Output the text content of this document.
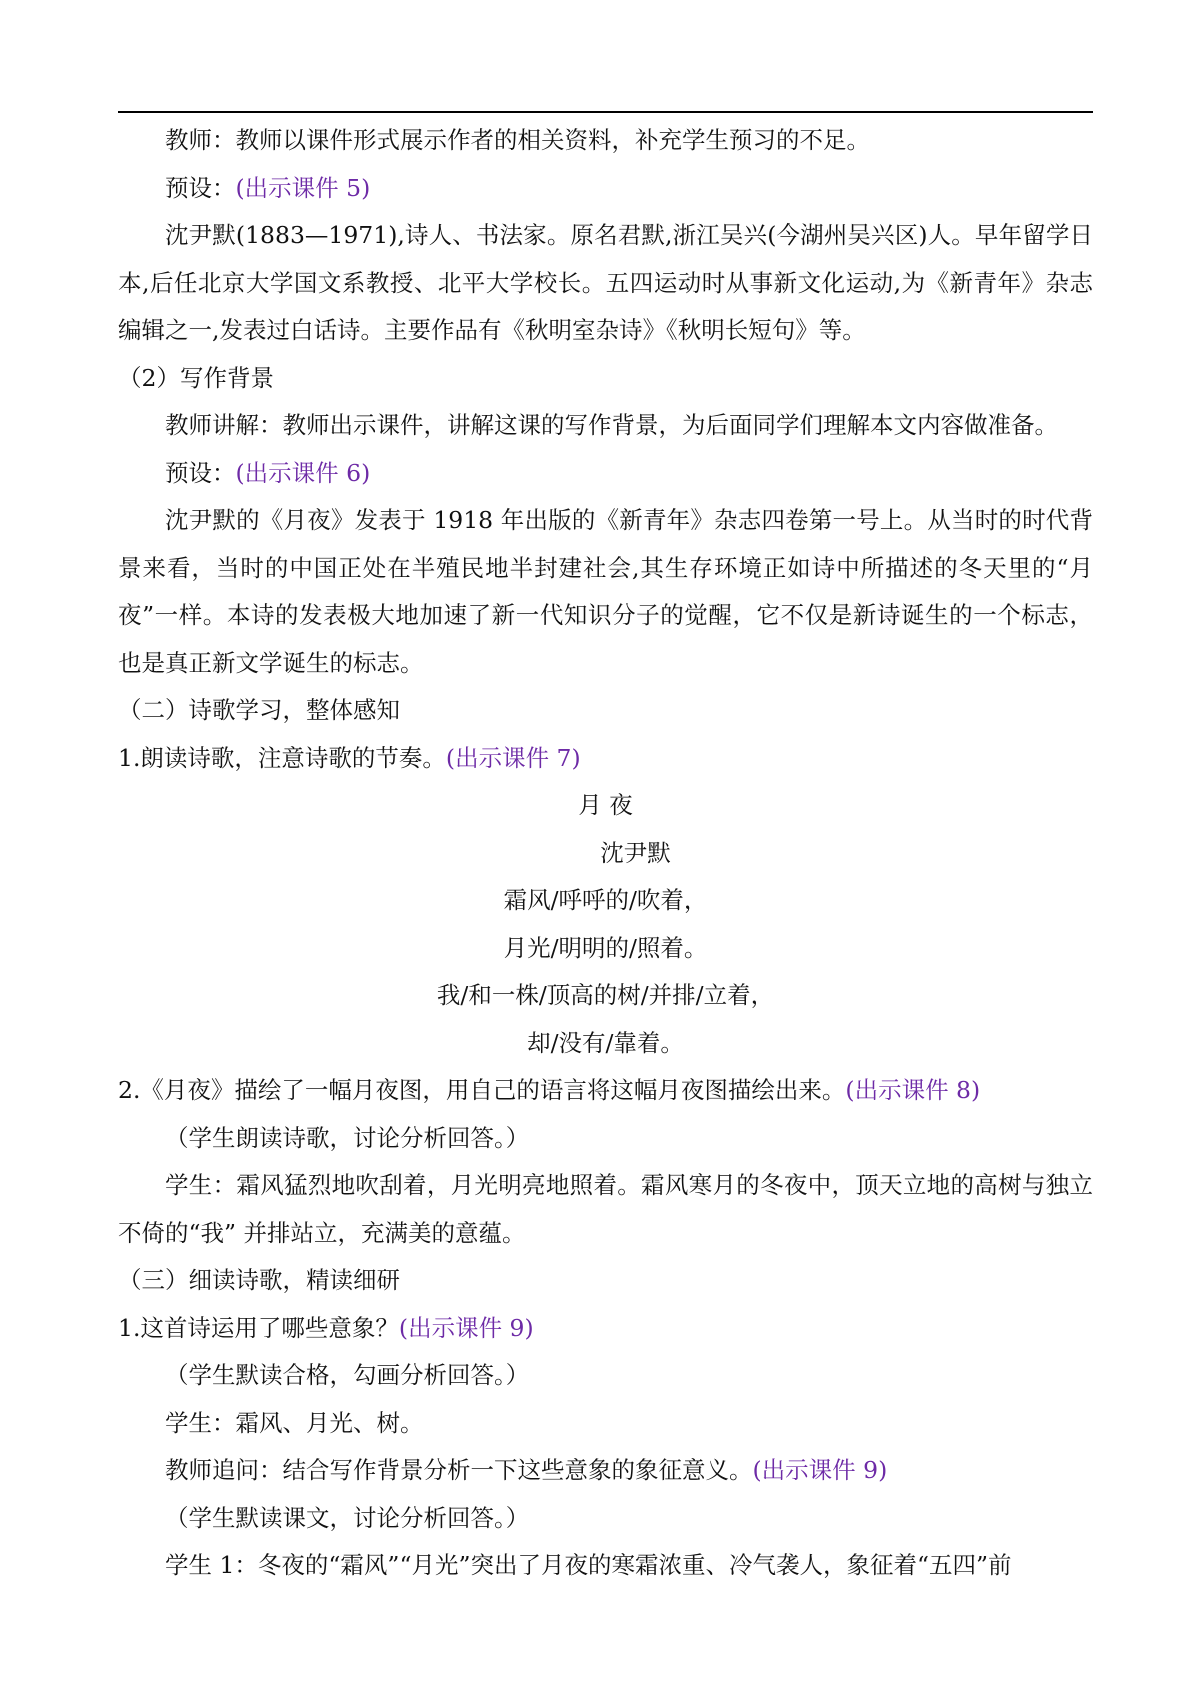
教师：教师以课件形式展示作者的相关资料，补充学生预习的不足。
预设：(出示课件 5)
沈尹默(1883—1971),诗人、书法家。原名君默,浙江吴兴(今湖州吴兴区)人。早年留学日本,后任北京大学国文系教授、北平大学校长。五四运动时从事新文化运动,为《新青年》杂志编辑之一,发表过白话诗。主要作品有《秋明室杂诗》《秋明长短句》等。
（2）写作背景
教师讲解：教师出示课件，讲解这课的写作背景，为后面同学们理解本文内容做准备。
预设：(出示课件 6)
沈尹默的《月夜》发表于 1918 年出版的《新青年》杂志四卷第一号上。从当时的时代背景来看，当时的中国正处在半殖民地半封建社会,其生存环境正如诗中所描述的冬天里的“月夜”一样。本诗的发表极大地加速了新一代知识分子的觉醒，它不仅是新诗诞生的一个标志，也是真正新文学诞生的标志。
（二）诗歌学习，整体感知
1.朗读诗歌，注意诗歌的节奏。(出示课件 7)
月 夜
沈尹默
霜风/呼呼的/吹着，
月光/明明的/照着。
我/和一株/顶高的树/并排/立着，
却/没有/靠着。
2.《月夜》描绘了一幅月夜图，用自己的语言将这幅月夜图描绘出来。(出示课件 8)
（学生朗读诗歌，讨论分析回答。）
学生：霜风猛烈地吹刮着，月光明亮地照着。霜风寒月的冬夜中，顶天立地的高树与独立不倚的“我” 并排站立，充满美的意蕴。
（三）细读诗歌，精读细研
1.这首诗运用了哪些意象？(出示课件 9)
（学生默读合格，勾画分析回答。）
学生：霜风、月光、树。
教师追问：结合写作背景分析一下这些意象的象征意义。(出示课件 9)
（学生默读课文，讨论分析回答。）
学生 1：冬夜的“霜风”“月光”突出了月夜的寒霜浓重、冷气袭人，象征着“五四”前
